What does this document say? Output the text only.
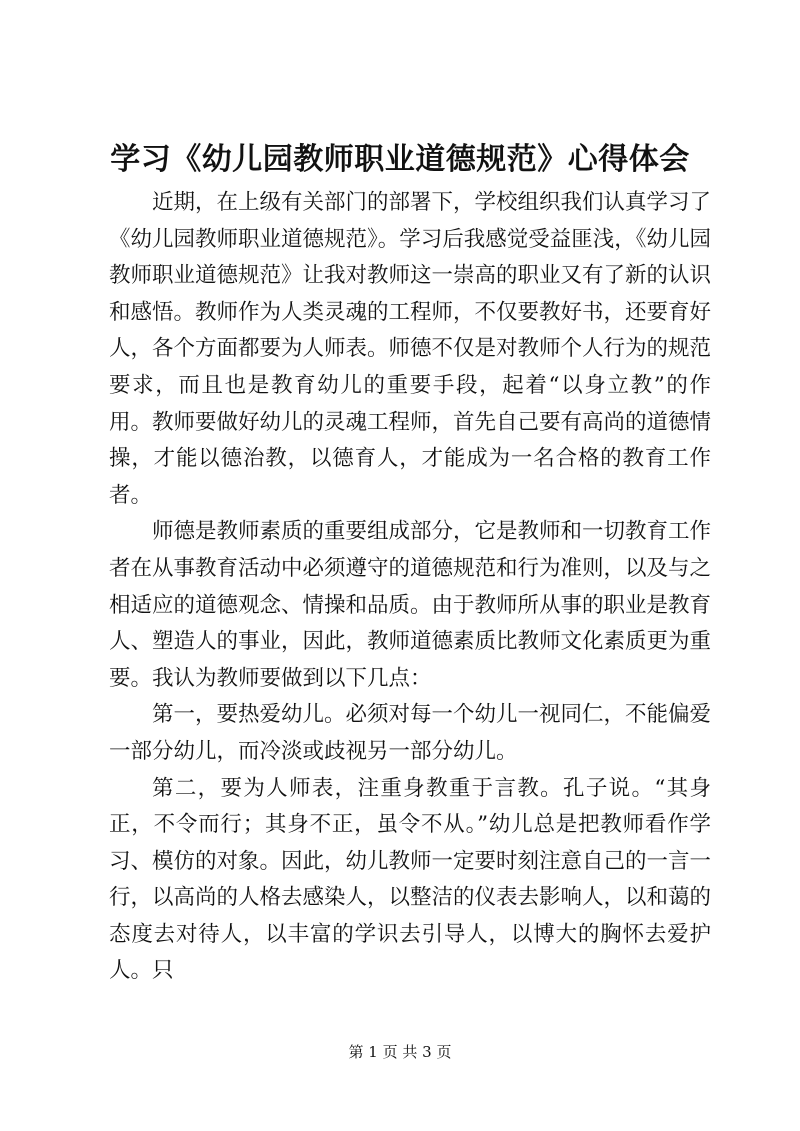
学习《幼儿园教师职业道德规范》心得体会

近期，在上级有关部门的部署下，学校组织我们认真学习了《幼儿园教师职业道德规范》。学习后我感觉受益匪浅，《幼儿园教师职业道德规范》让我对教师这一崇高的职业又有了新的认识和感悟。教师作为人类灵魂的工程师，不仅要教好书，还要育好人，各个方面都要为人师表。师德不仅是对教师个人行为的规范要求，而且也是教育幼儿的重要手段，起着“以身立教”的作用。教师要做好幼儿的灵魂工程师，首先自己要有高尚的道德情操，才能以德治教，以德育人，才能成为一名合格的教育工作者。

师德是教师素质的重要组成部分，它是教师和一切教育工作者在从事教育活动中必须遵守的道德规范和行为准则，以及与之相适应的道德观念、情操和品质。由于教师所从事的职业是教育人、塑造人的事业，因此，教师道德素质比教师文化素质更为重要。我认为教师要做到以下几点：

第一，要热爱幼儿。必须对每一个幼儿一视同仁，不能偏爱一部分幼儿，而冷淡或歧视另一部分幼儿。

第二，要为人师表，注重身教重于言教。孔子说。“其身正，不令而行；其身不正，虽令不从。”幼儿总是把教师看作学习、模仿的对象。因此，幼儿教师一定要时刻注意自己的一言一行，以高尚的人格去感染人，以整洁的仪表去影响人，以和蔼的态度去对待人，以丰富的学识去引导人，以博大的胸怀去爱护人。只

第 1 页 共 3 页
